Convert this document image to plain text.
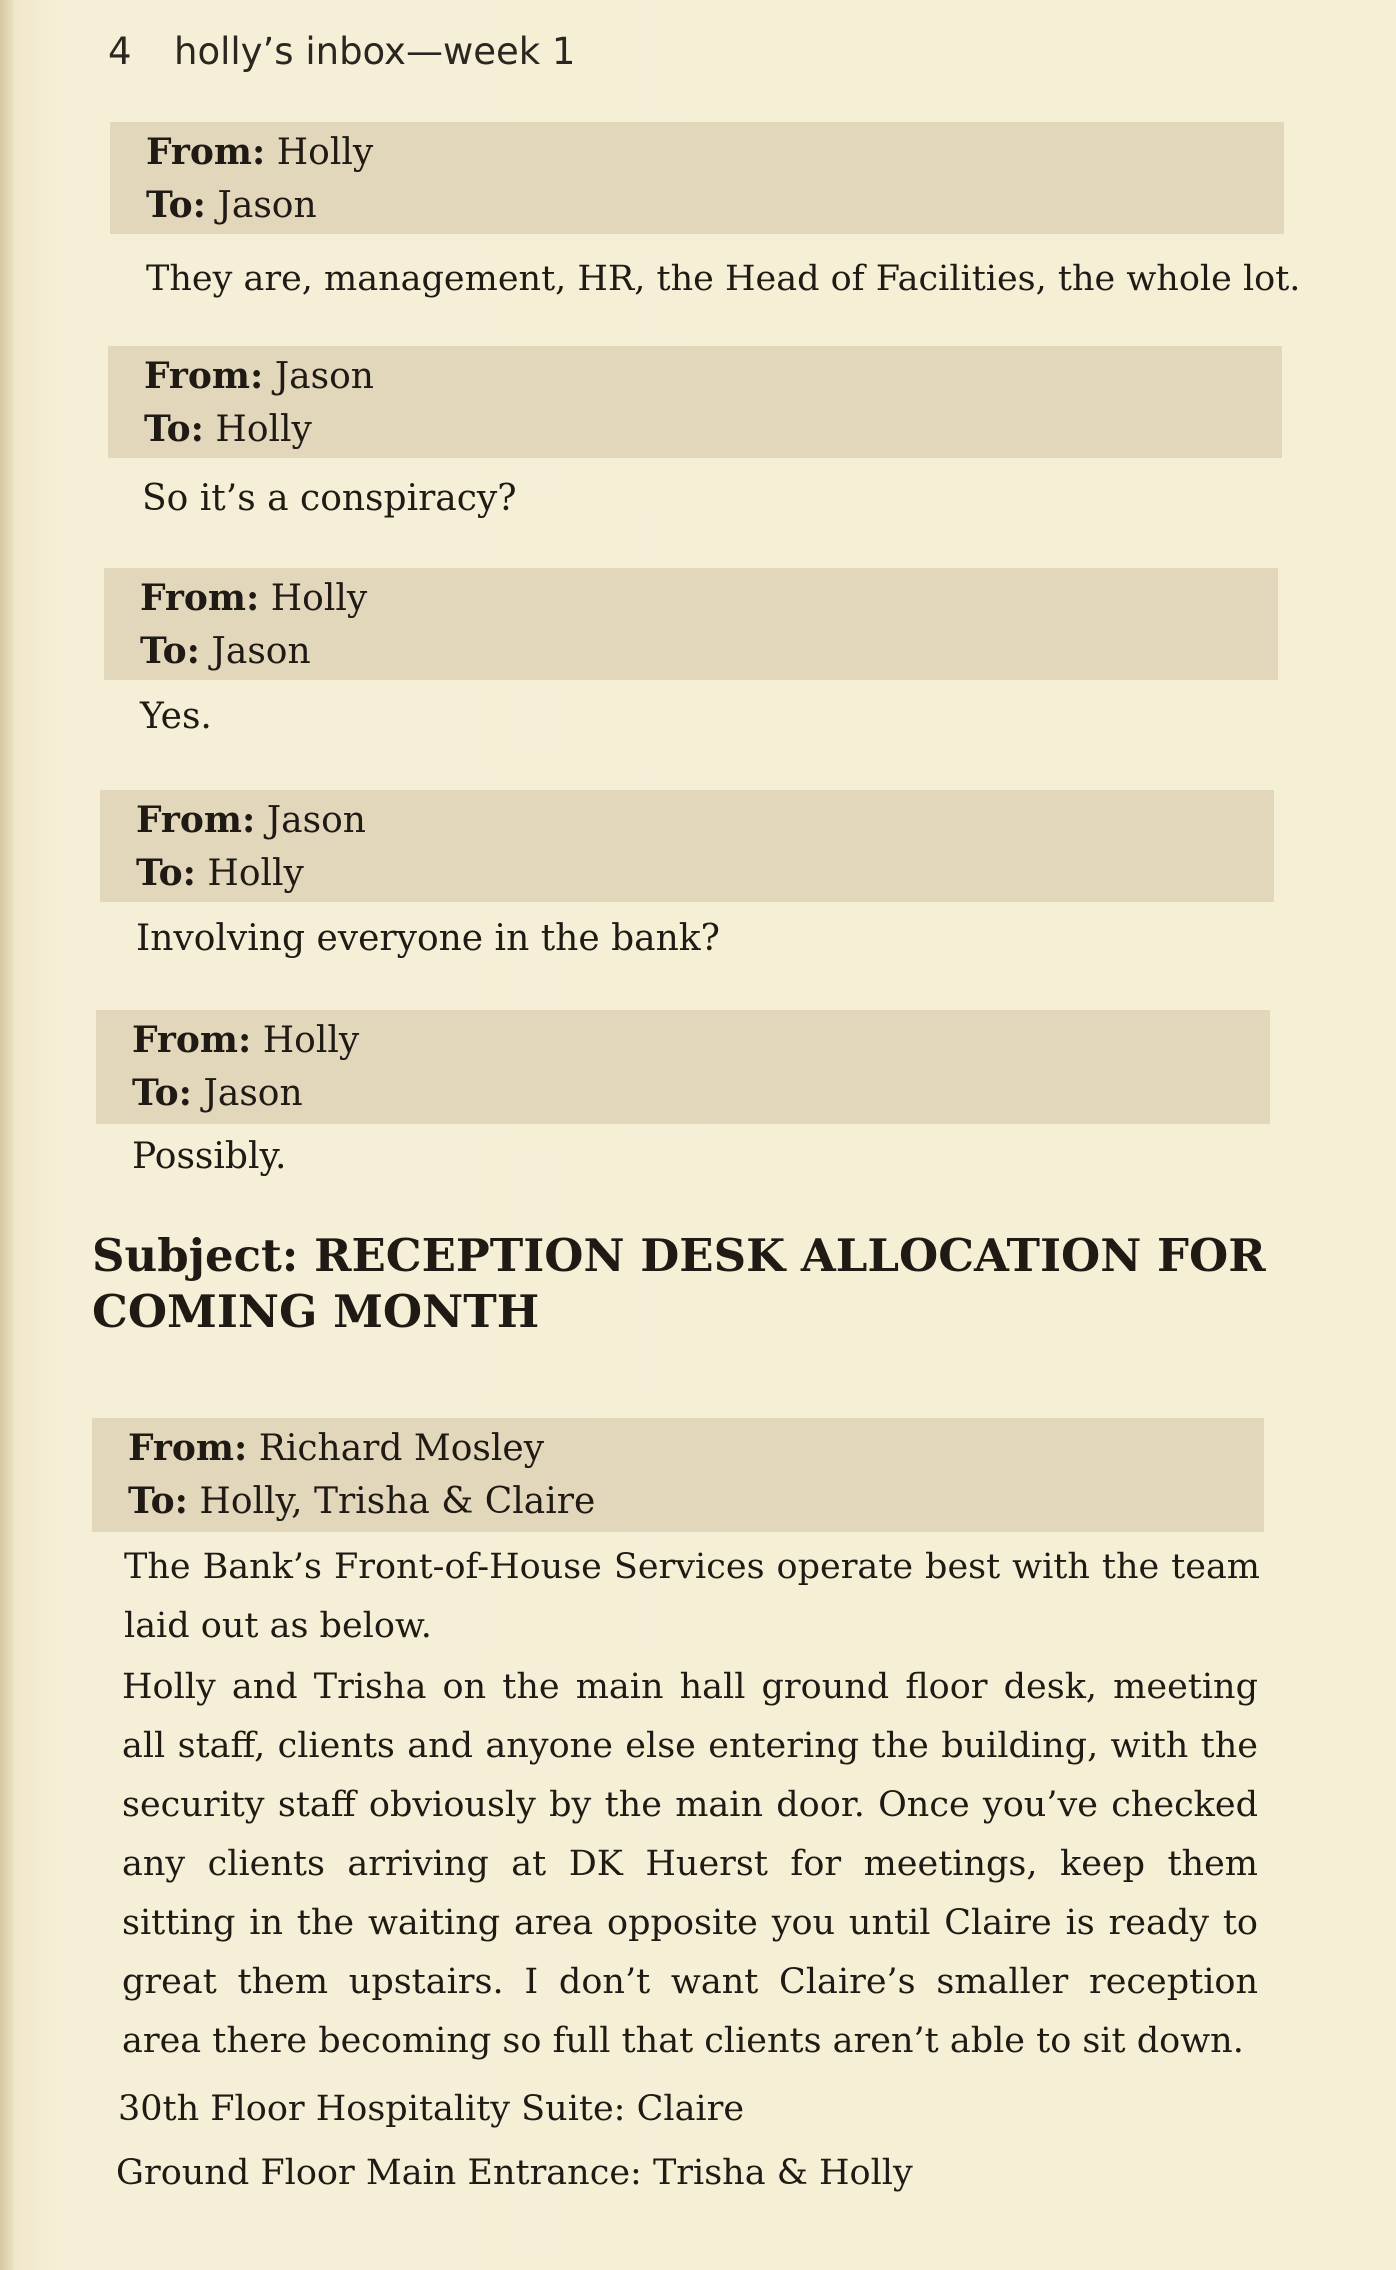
4 holly’s inbox—week 1
From: Holly
To: Jason
They are, management, HR, the Head of Facilities, the whole lot.
From: Jason
To: Holly
So it’s a conspiracy?
From: Holly
To: Jason
Yes.
From: Jason
To: Holly
Involving everyone in the bank?
From: Holly
To: Jason
Possibly.
Subject: RECEPTION DESK ALLOCATION FOR COMING MONTH
From: Richard Mosley
To: Holly, Trisha & Claire
The Bank’s Front-of-House Services operate best with the team laid out as below.
Holly and Trisha on the main hall ground floor desk, meeting all staff, clients and anyone else entering the building, with the security staff obviously by the main door. Once you’ve checked any clients arriving at DK Huerst for meetings, keep them sitting in the waiting area opposite you until Claire is ready to great them upstairs. I don’t want Claire’s smaller reception area there becoming so full that clients aren’t able to sit down.
30th Floor Hospitality Suite: Claire
Ground Floor Main Entrance: Trisha & Holly
